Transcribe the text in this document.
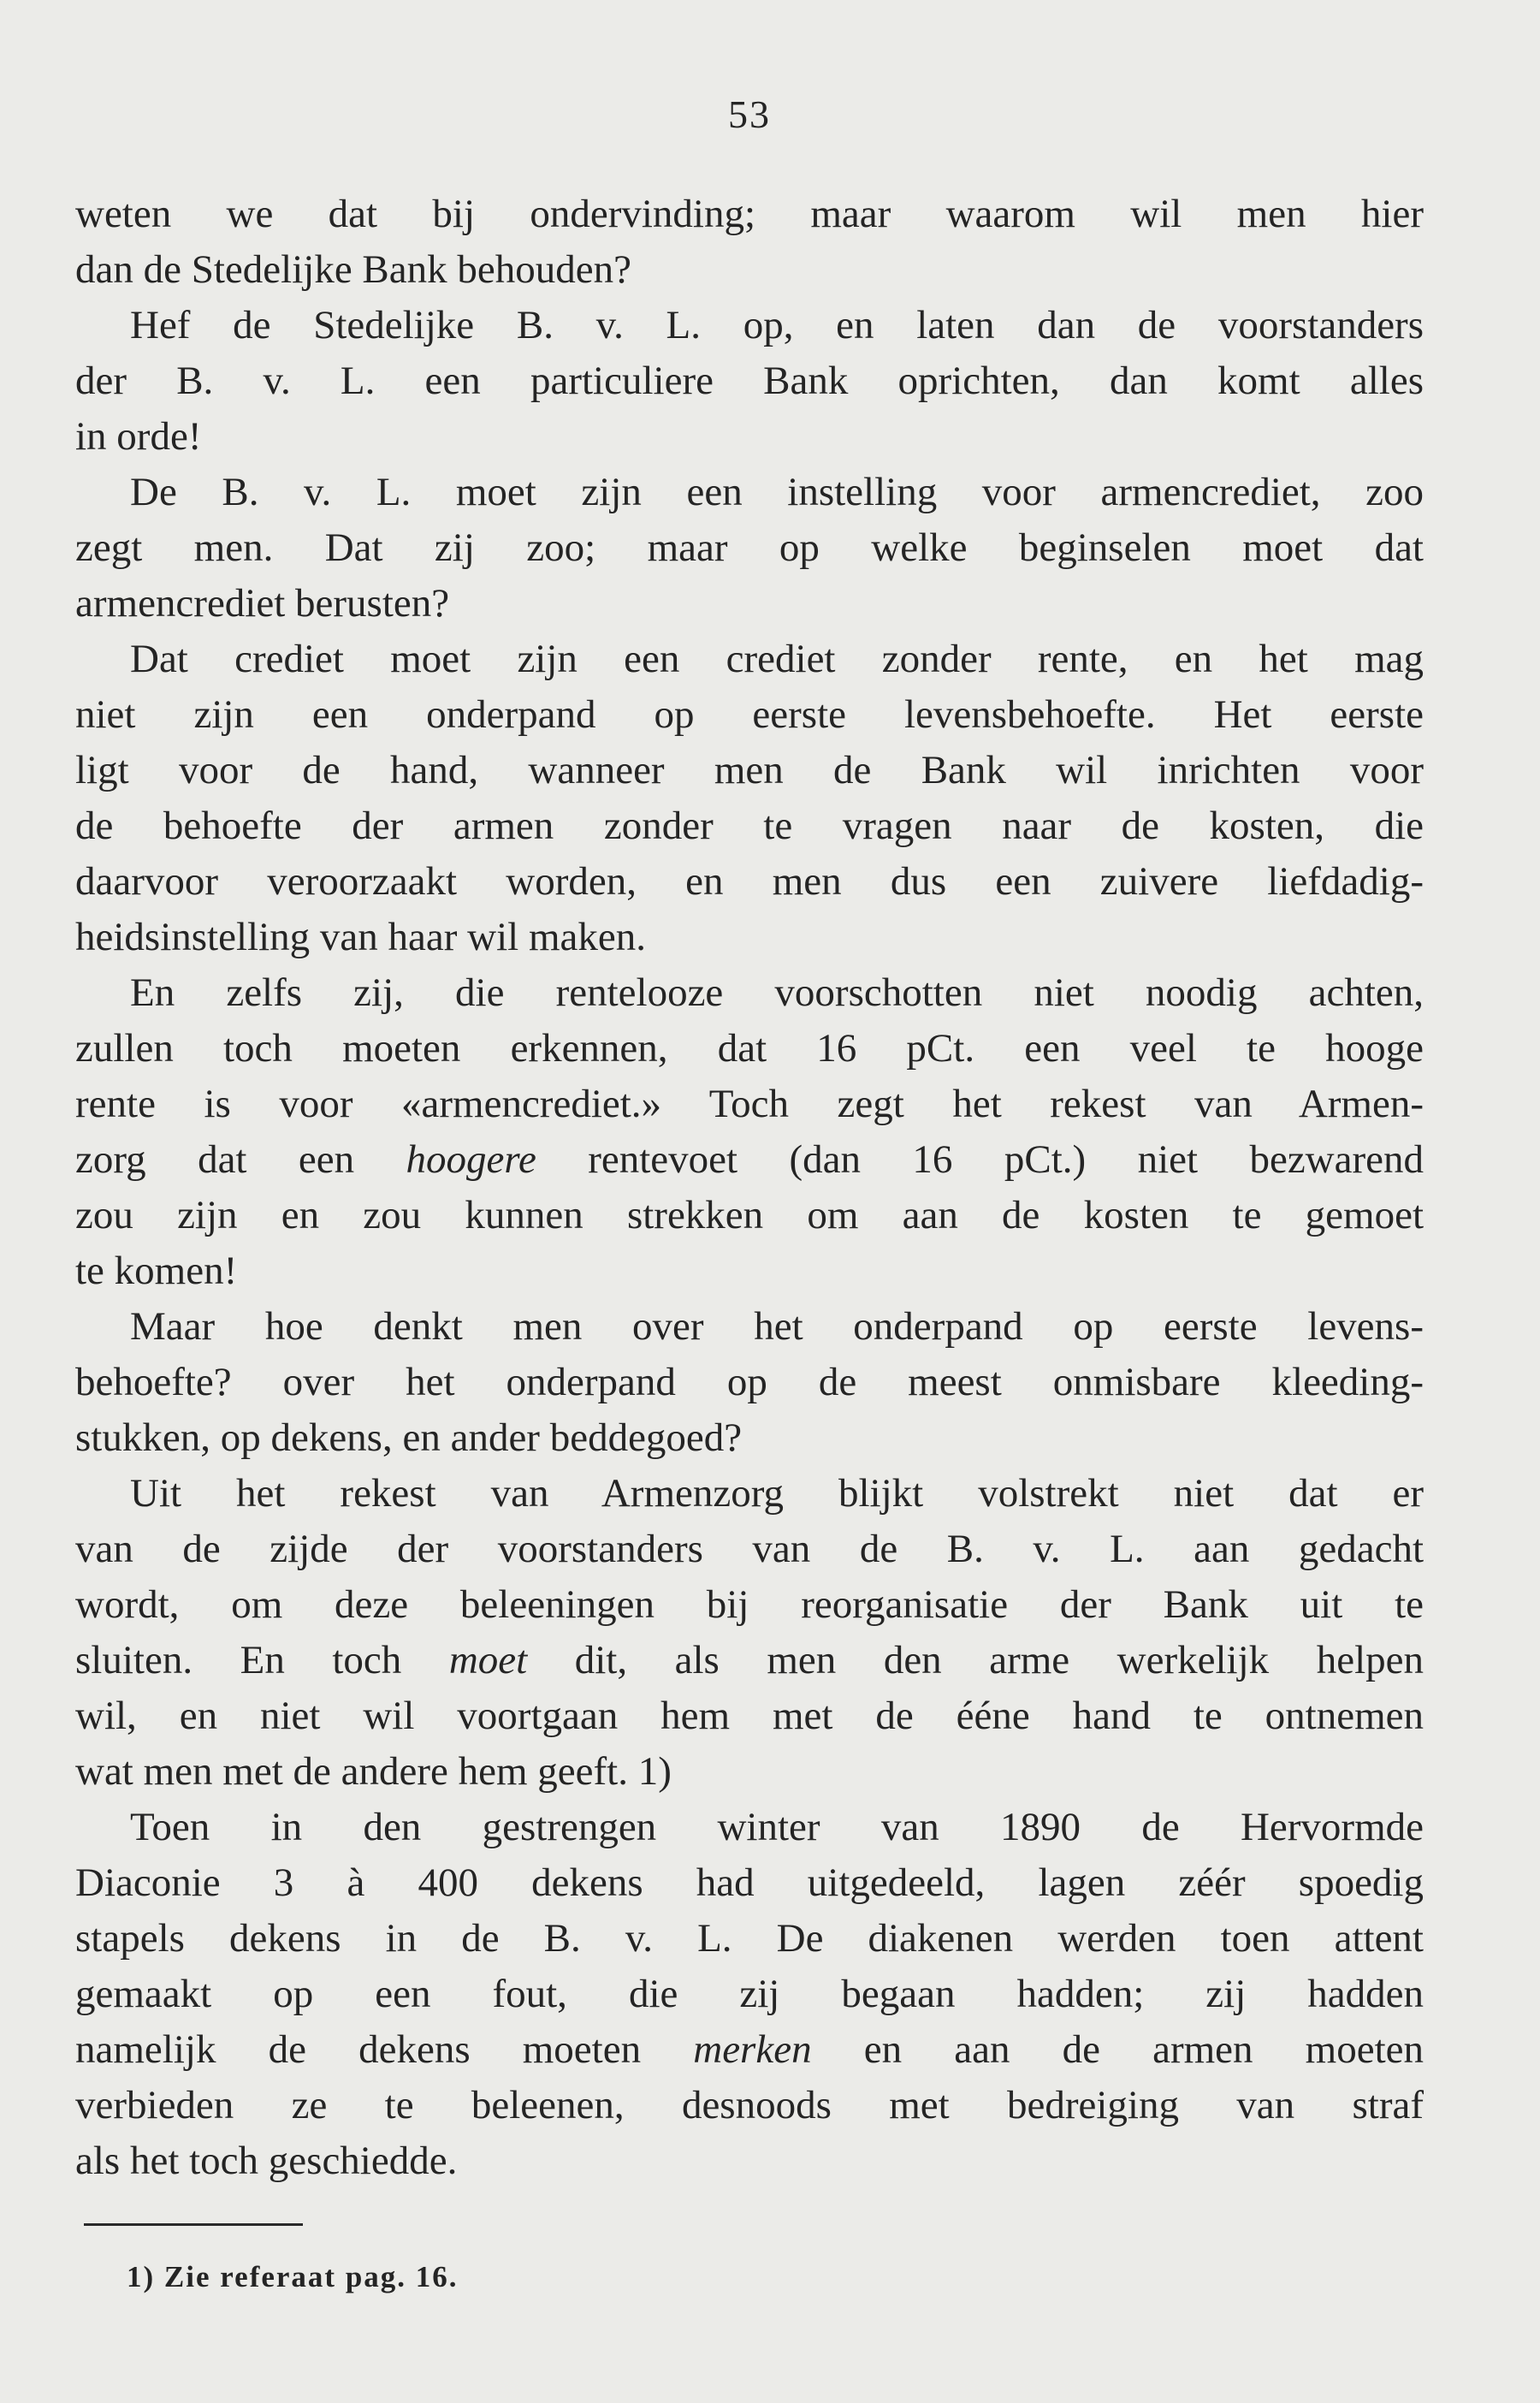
53
weten we dat bij ondervinding; maar waarom wil men hier
dan de Stedelijke Bank behouden?
Hef de Stedelijke B. v. L. op, en laten dan de voorstanders
der B. v. L. een particuliere Bank oprichten, dan komt alles
in orde!
De B. v. L. moet zijn een instelling voor armencrediet, zoo
zegt men. Dat zij zoo; maar op welke beginselen moet dat
armencrediet berusten?
Dat crediet moet zijn een crediet zonder rente, en het mag
niet zijn een onderpand op eerste levensbehoefte. Het eerste
ligt voor de hand, wanneer men de Bank wil inrichten voor
de behoefte der armen zonder te vragen naar de kosten, die
daarvoor veroorzaakt worden, en men dus een zuivere liefdadig-
heidsinstelling van haar wil maken.
En zelfs zij, die rentelooze voorschotten niet noodig achten,
zullen toch moeten erkennen, dat 16 pCt. een veel te hooge
rente is voor «armencrediet.» Toch zegt het rekest van Armen-
zorg dat een hoogere rentevoet (dan 16 pCt.) niet bezwarend
zou zijn en zou kunnen strekken om aan de kosten te gemoet
te komen!
Maar hoe denkt men over het onderpand op eerste levens-
behoefte? over het onderpand op de meest onmisbare kleeding-
stukken, op dekens, en ander beddegoed?
Uit het rekest van Armenzorg blijkt volstrekt niet dat er
van de zijde der voorstanders van de B. v. L. aan gedacht
wordt, om deze beleeningen bij reorganisatie der Bank uit te
sluiten. En toch moet dit, als men den arme werkelijk helpen
wil, en niet wil voortgaan hem met de ééne hand te ontnemen
wat men met de andere hem geeft. 1)
Toen in den gestrengen winter van 1890 de Hervormde
Diaconie 3 à 400 dekens had uitgedeeld, lagen zéér spoedig
stapels dekens in de B. v. L. De diakenen werden toen attent
gemaakt op een fout, die zij begaan hadden; zij hadden
namelijk de dekens moeten merken en aan de armen moeten
verbieden ze te beleenen, desnoods met bedreiging van straf
als het toch geschiedde.
1) Zie referaat pag. 16.
